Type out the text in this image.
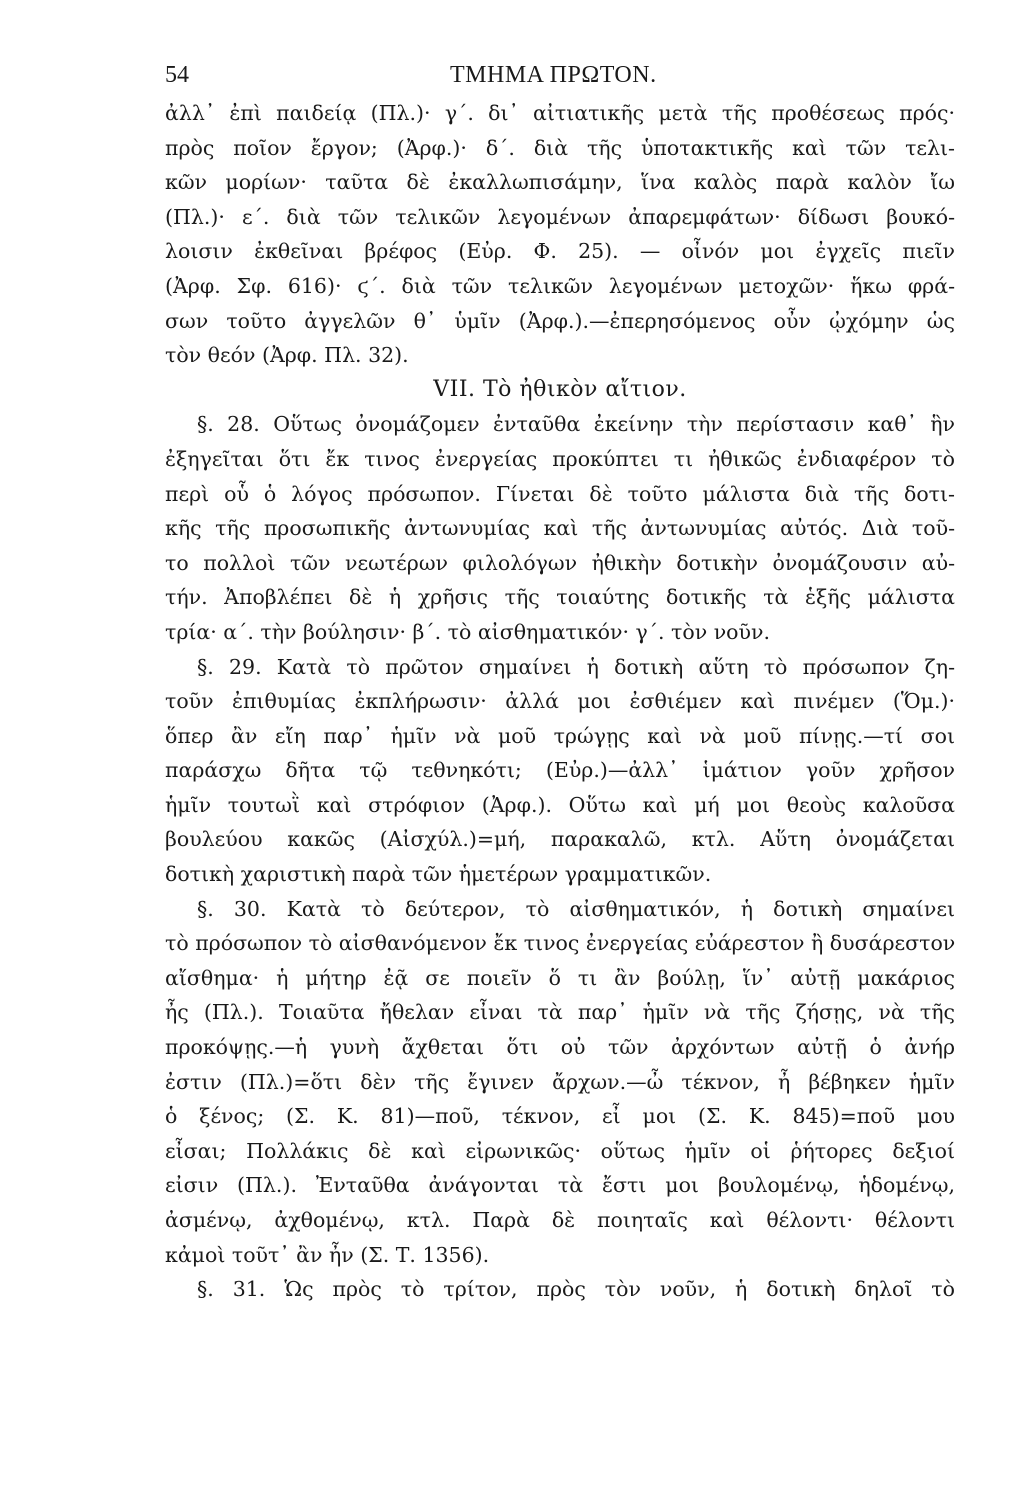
54	ΤΜΗΜΑ ΠΡΩΤΟΝ.
ἀλλ᾽ ἐπὶ παιδείᾳ (Πλ.)· γ΄. δι᾽ αἰτιατικῆς μετὰ τῆς προθέσεως πρός·
πρὸς ποῖον ἔργον; (Ἀρφ.)· δ΄. διὰ τῆς ὑποτακτικῆς καὶ τῶν τελι-
κῶν μορίων· ταῦτα δὲ ἐκαλλωπισάμην, ἵνα καλὸς παρὰ καλὸν ἴω
(Πλ.)· ε΄. διὰ τῶν τελικῶν λεγομένων ἀπαρεμφάτων· δίδωσι βουκό-
λοισιν ἐκθεῖναι βρέφος (Εὐρ. Φ. 25). — οἶνόν μοι ἐγχεῖς πιεῖν
(Ἀρφ. Σφ. 616)· ϛ΄. διὰ τῶν τελικῶν λεγομένων μετοχῶν· ἥκω φρά-
σων τοῦτο ἀγγελῶν θ᾽ ὑμῖν (Ἀρφ.).—ἐπερησόμενος οὖν ᾠχόμην ὡς
τὸν θεόν (Ἀρφ. Πλ. 32).
VII. Τὸ ἠθικὸν αἴτιον.
§. 28. Οὕτως ὀνομάζομεν ἐνταῦθα ἐκείνην τὴν περίστασιν καθ᾽ ἣν
ἐξηγεῖται ὅτι ἔκ τινος ἐνεργείας προκύπτει τι ἠθικῶς ἐνδιαφέρον τὸ
περὶ οὗ ὁ λόγος πρόσωπον. Γίνεται δὲ τοῦτο μάλιστα διὰ τῆς δοτι-
κῆς τῆς προσωπικῆς ἀντωνυμίας καὶ τῆς ἀντωνυμίας αὐτός. Διὰ τοῦ-
το πολλοὶ τῶν νεωτέρων φιλολόγων ἠθικὴν δοτικὴν ὀνομάζουσιν αὐ-
τήν. Ἀποβλέπει δὲ ἡ χρῆσις τῆς τοιαύτης δοτικῆς τὰ ἑξῆς μάλιστα
τρία· α΄. τὴν βούλησιν· β΄. τὸ αἰσθηματικόν· γ΄. τὸν νοῦν.
§. 29. Κατὰ τὸ πρῶτον σημαίνει ἡ δοτικὴ αὕτη τὸ πρόσωπον ζη-
τοῦν ἐπιθυμίας ἐκπλήρωσιν· ἀλλά μοι ἐσθιέμεν καὶ πινέμεν (Ὅμ.)·
ὅπερ ἂν εἴη παρ᾽ ἡμῖν νὰ μοῦ τρώγῃς καὶ νὰ μοῦ πίνῃς.—τί σοι
παράσχω δῆτα τῷ τεθνηκότι; (Εὐρ.)—ἀλλ᾽ ἱμάτιον γοῦν χρῆσον
ἡμῖν τουτωῒ καὶ στρόφιον (Ἀρφ.). Οὕτω καὶ μή μοι θεοὺς καλοῦσα
βουλεύου κακῶς (Αἰσχύλ.)=μή, παρακαλῶ, κτλ. Αὕτη ὀνομάζεται
δοτικὴ χαριστικὴ παρὰ τῶν ἡμετέρων γραμματικῶν.
§. 30. Κατὰ τὸ δεύτερον, τὸ αἰσθηματικόν, ἡ δοτικὴ σημαίνει
τὸ πρόσωπον τὸ αἰσθανόμενον ἔκ τινος ἐνεργείας εὐάρεστον ἢ δυσάρεστον
αἴσθημα· ἡ μήτηρ ἐᾷ σε ποιεῖν ὅ τι ἂν βούλῃ, ἵν᾽ αὐτῇ μακάριος
ἦς (Πλ.). Τοιαῦτα ἤθελαν εἶναι τὰ παρ᾽ ἡμῖν νὰ τῆς ζήσῃς, νὰ τῆς
προκόψῃς.—ἡ γυνὴ ἄχθεται ὅτι οὐ τῶν ἀρχόντων αὐτῇ ὁ ἀνήρ
ἐστιν (Πλ.)=ὅτι δὲν τῆς ἔγινεν ἄρχων.—ὦ τέκνον, ἦ βέβηκεν ἡμῖν
ὁ ξένος; (Σ. Κ. 81)—ποῦ, τέκνον, εἶ μοι (Σ. Κ. 845)=ποῦ μου
εἶσαι; Πολλάκις δὲ καὶ εἰρωνικῶς· οὕτως ἡμῖν οἱ ῥήτορες δεξιοί
εἰσιν (Πλ.). Ἐνταῦθα ἀνάγονται τὰ ἔστι μοι βουλομένῳ, ἡδομένῳ,
ἀσμένῳ, ἀχθομένῳ, κτλ. Παρὰ δὲ ποιηταῖς καὶ θέλοντι· θέλοντι
κἀμοὶ τοῦτ᾽ ἂν ἦν (Σ. Τ. 1356).
§. 31. Ὡς πρὸς τὸ τρίτον, πρὸς τὸν νοῦν, ἡ δοτικὴ δηλοῖ τὸ
